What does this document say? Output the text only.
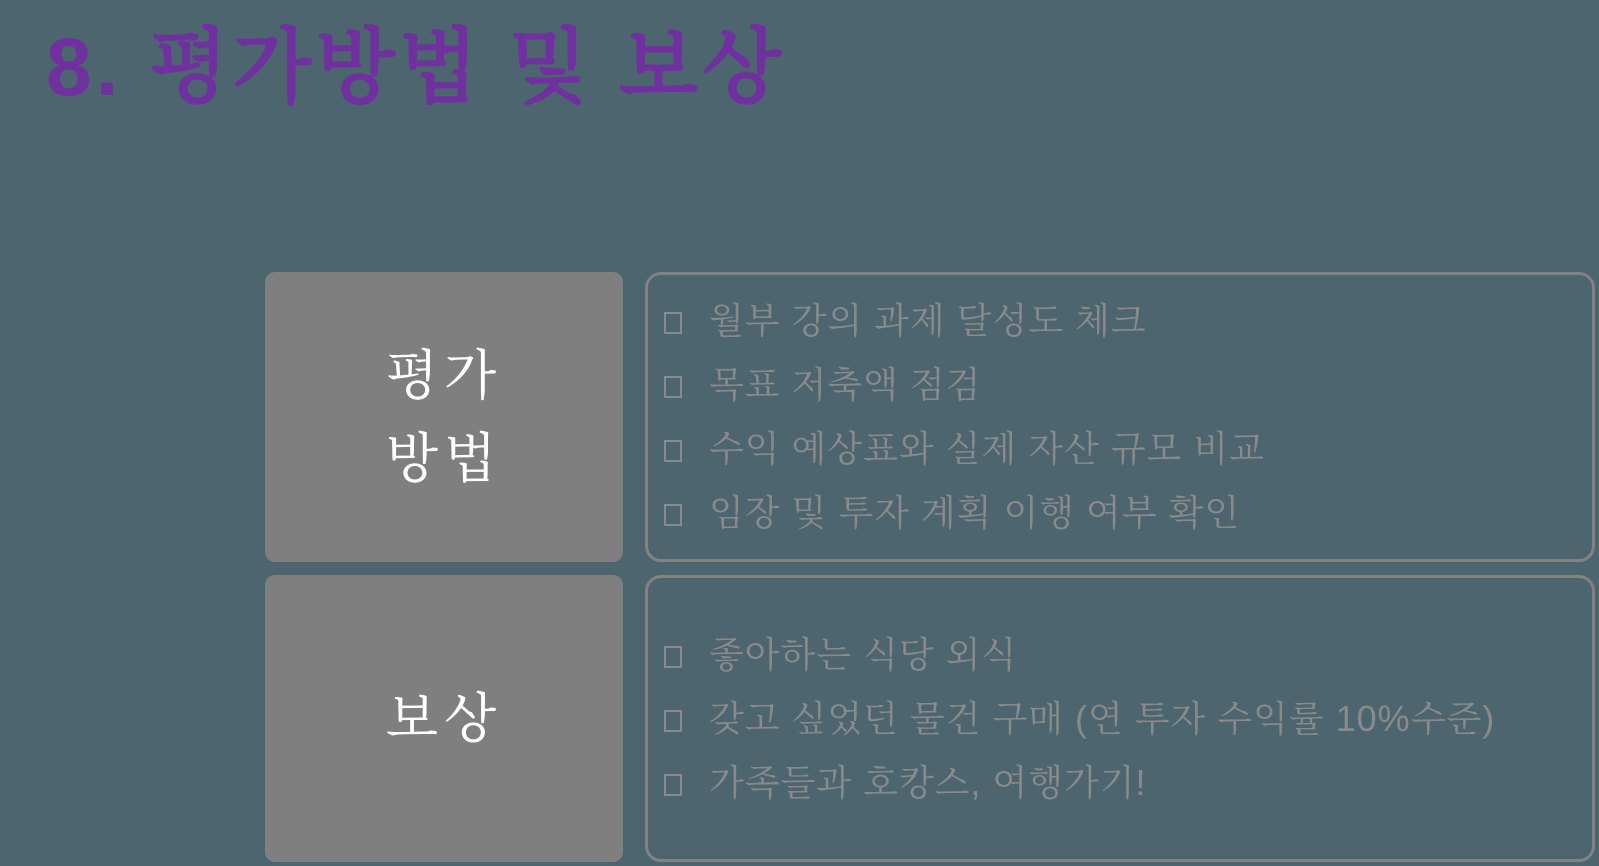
8. 평가방법 및 보상
평가
방법
월부 강의 과제 달성도 체크
목표 저축액 점검
수익 예상표와 실제 자산 규모 비교
임장 및 투자 계획 이행 여부 확인
보상
좋아하는 식당 외식
갖고 싶었던 물건 구매 (연 투자 수익률 10%수준)
가족들과 호캉스, 여행가기!
